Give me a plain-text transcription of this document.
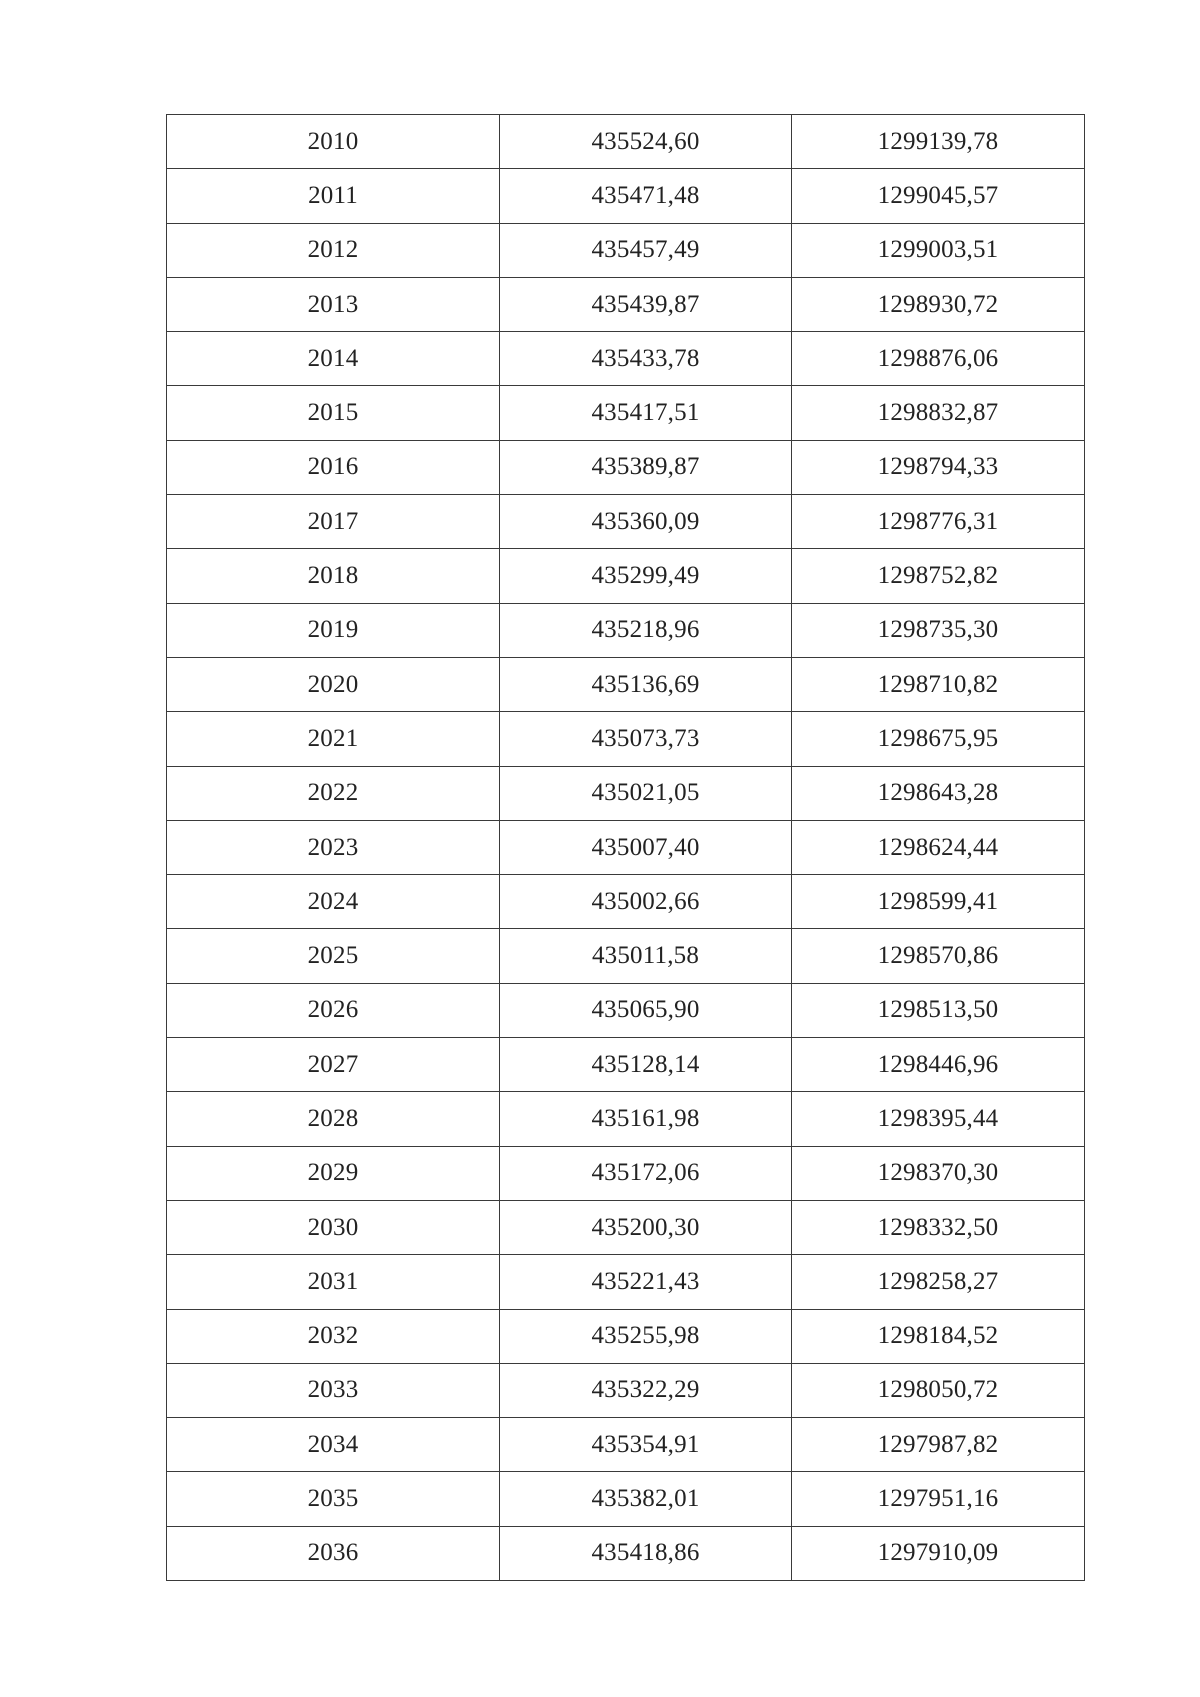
2010	435524,60	1299139,78
2011	435471,48	1299045,57
2012	435457,49	1299003,51
2013	435439,87	1298930,72
2014	435433,78	1298876,06
2015	435417,51	1298832,87
2016	435389,87	1298794,33
2017	435360,09	1298776,31
2018	435299,49	1298752,82
2019	435218,96	1298735,30
2020	435136,69	1298710,82
2021	435073,73	1298675,95
2022	435021,05	1298643,28
2023	435007,40	1298624,44
2024	435002,66	1298599,41
2025	435011,58	1298570,86
2026	435065,90	1298513,50
2027	435128,14	1298446,96
2028	435161,98	1298395,44
2029	435172,06	1298370,30
2030	435200,30	1298332,50
2031	435221,43	1298258,27
2032	435255,98	1298184,52
2033	435322,29	1298050,72
2034	435354,91	1297987,82
2035	435382,01	1297951,16
2036	435418,86	1297910,09
